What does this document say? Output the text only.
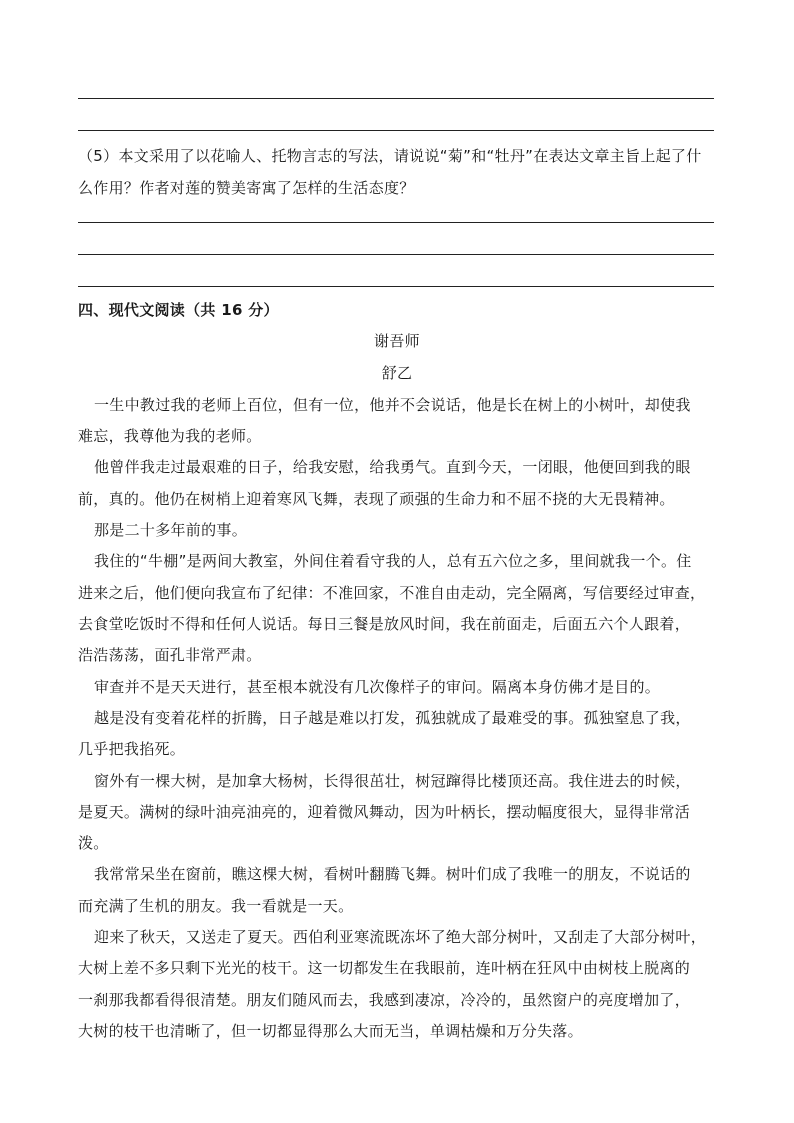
（5）本文采用了以花喻人、托物言志的写法，请说说“菊”和“牡丹”在表达文章主旨上起了什
么作用？作者对莲的赞美寄寓了怎样的生活态度？
四、现代文阅读（共 16 分）
谢吾师
舒乙
一生中教过我的老师上百位，但有一位，他并不会说话，他是长在树上的小树叶，却使我
难忘，我尊他为我的老师。
他曾伴我走过最艰难的日子，给我安慰，给我勇气。直到今天，一闭眼，他便回到我的眼
前，真的。他仍在树梢上迎着寒风飞舞，表现了顽强的生命力和不屈不挠的大无畏精神。
那是二十多年前的事。
我住的“牛棚”是两间大教室，外间住着看守我的人，总有五六位之多，里间就我一个。住
进来之后，他们便向我宣布了纪律：不准回家，不准自由走动，完全隔离，写信要经过审查，
去食堂吃饭时不得和任何人说话。每日三餐是放风时间，我在前面走，后面五六个人跟着，
浩浩荡荡，面孔非常严肃。
审查并不是天天进行，甚至根本就没有几次像样子的审问。隔离本身仿佛才是目的。
越是没有变着花样的折腾，日子越是难以打发，孤独就成了最难受的事。孤独窒息了我，
几乎把我掐死。
窗外有一棵大树，是加拿大杨树，长得很茁壮，树冠蹿得比楼顶还高。我住进去的时候，
是夏天。满树的绿叶油亮油亮的，迎着微风舞动，因为叶柄长，摆动幅度很大，显得非常活
泼。
我常常呆坐在窗前，瞧这棵大树，看树叶翻腾飞舞。树叶们成了我唯一的朋友，不说话的
而充满了生机的朋友。我一看就是一天。
迎来了秋天，又送走了夏天。西伯利亚寒流既冻坏了绝大部分树叶，又刮走了大部分树叶，
大树上差不多只剩下光光的枝干。这一切都发生在我眼前，连叶柄在狂风中由树枝上脱离的
一刹那我都看得很清楚。朋友们随风而去，我感到凄凉，冷冷的，虽然窗户的亮度增加了，
大树的枝干也清晰了，但一切都显得那么大而无当，单调枯燥和万分失落。
